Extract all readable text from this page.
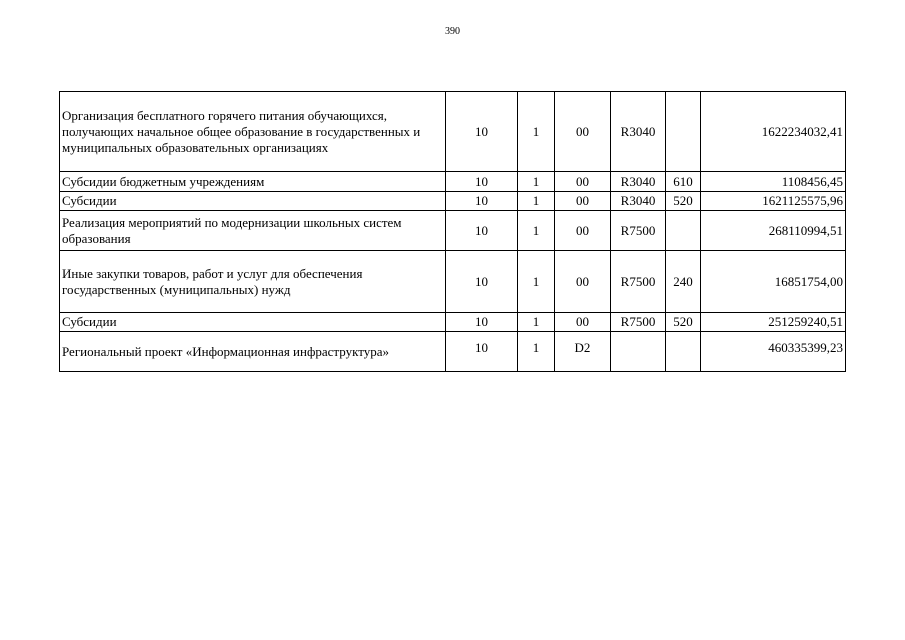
390
Организация бесплатного горячего питания обучающихся, получающих начальное общее образование в государственных и муниципальных образовательных организациях	10	1	00	R3040		1622234032,41
Субсидии бюджетным учреждениям	10	1	00	R3040	610	1108456,45
Субсидии	10	1	00	R3040	520	1621125575,96
Реализация мероприятий по модернизации школьных систем образования	10	1	00	R7500		268110994,51
Иные закупки товаров, работ и услуг для обеспечения государственных (муниципальных) нужд	10	1	00	R7500	240	16851754,00
Субсидии	10	1	00	R7500	520	251259240,51
Региональный проект «Информационная инфраструктура»	10	1	D2			460335399,23
